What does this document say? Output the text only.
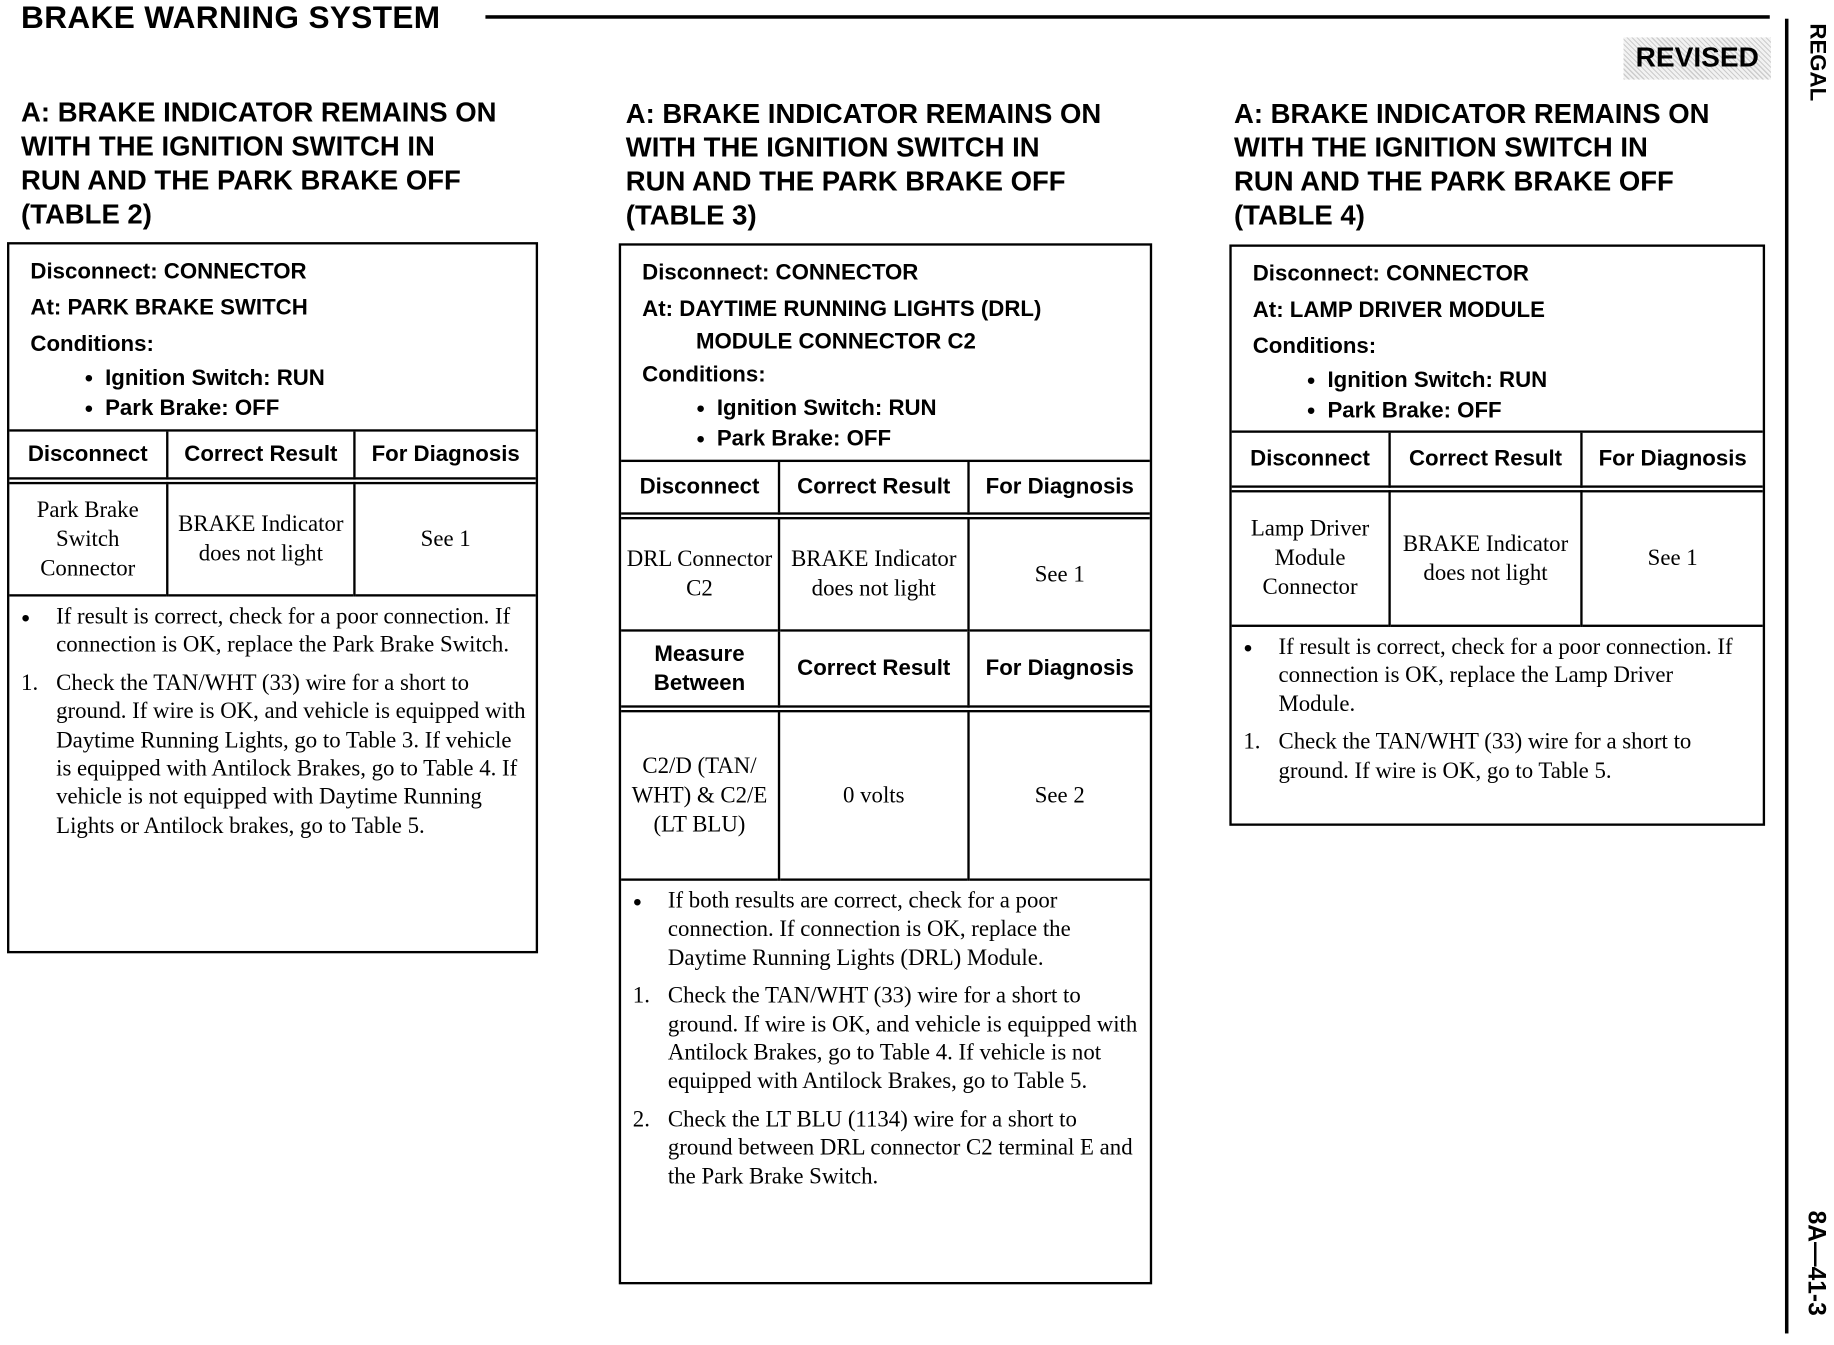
BRAKE WARNING SYSTEM
REVISED	REGAL
8A—41-3
A: BRAKE INDICATOR REMAINS ON
WITH THE IGNITION SWITCH IN
RUN AND THE PARK BRAKE OFF
(TABLE 2)
A: BRAKE INDICATOR REMAINS ON
WITH THE IGNITION SWITCH IN
RUN AND THE PARK BRAKE OFF
(TABLE 3)
A: BRAKE INDICATOR REMAINS ON
WITH THE IGNITION SWITCH IN
RUN AND THE PARK BRAKE OFF
(TABLE 4)
Disconnect: CONNECTOR
At: PARK BRAKE SWITCH
Conditions:
● Ignition Switch: RUN
● Park Brake: OFF
Disconnect	Correct Result	For Diagnosis
Park Brake Switch Connector	BRAKE Indicator does not light	See 1
●
If result is correct, check for a poor connection. If connection is OK, replace the Park Brake Switch.
1. Check the TAN/WHT (33) wire for a short to ground. If wire is OK, and vehicle is equipped with Daytime Running Lights, go to Table 3. If vehicle is equipped with Antilock Brakes, go to Table 4. If vehicle is not equipped with Daytime Running Lights or Antilock brakes, go to Table 5.
Disconnect: CONNECTOR
At: DAYTIME RUNNING LIGHTS (DRL)
MODULE CONNECTOR C2
Conditions:
● Ignition Switch: RUN
● Park Brake: OFF
Disconnect	Correct Result	For Diagnosis
DRL Connector C2	BRAKE Indicator does not light	See 1
Measure Between	Correct Result	For Diagnosis
C2/D (TAN/ WHT) & C2/E (LT BLU)	0 volts	See 2
●
If both results are correct, check for a poor connection. If connection is OK, replace the Daytime Running Lights (DRL) Module.
1. Check the TAN/WHT (33) wire for a short to ground. If wire is OK, and vehicle is equipped with Antilock Brakes, go to Table 4. If vehicle is not equipped with Antilock Brakes, go to Table 5.
2. Check the LT BLU (1134) wire for a short to ground between DRL connector C2 terminal E and the Park Brake Switch.
Disconnect: CONNECTOR
At: LAMP DRIVER MODULE
Conditions:
● Ignition Switch: RUN
● Park Brake: OFF
Disconnect	Correct Result	For Diagnosis
Lamp Driver Module Connector	BRAKE Indicator does not light	See 1
●
If result is correct, check for a poor connection. If connection is OK, replace the Lamp Driver Module.
1. Check the TAN/WHT (33) wire for a short to ground. If wire is OK, go to Table 5.
